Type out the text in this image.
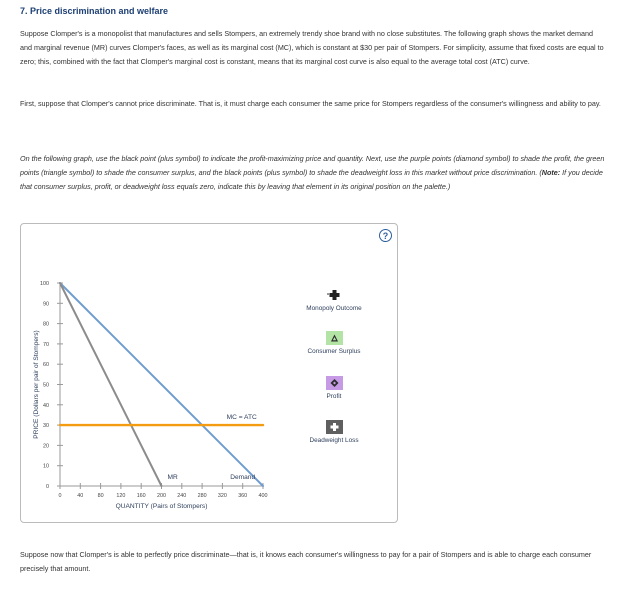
7. Price discrimination and welfare
Suppose Clomper's is a monopolist that manufactures and sells Stompers, an extremely trendy shoe brand with no close substitutes. The following graph shows the market demand and marginal revenue (MR) curves Clomper's faces, as well as its marginal cost (MC), which is constant at $30 per pair of Stompers. For simplicity, assume that fixed costs are equal to zero; this, combined with the fact that Clomper's marginal cost is constant, means that its marginal cost curve is also equal to the average total cost (ATC) curve.
First, suppose that Clomper's cannot price discriminate. That is, it must charge each consumer the same price for Stompers regardless of the consumer's willingness and ability to pay.
On the following graph, use the black point (plus symbol) to indicate the profit-maximizing price and quantity. Next, use the purple points (diamond symbol) to shade the profit, the green points (triangle symbol) to shade the consumer surplus, and the black points (plus symbol) to shade the deadweight loss in this market without price discrimination. (Note: If you decide that consumer surplus, profit, or deadweight loss equals zero, indicate this by leaving that element in its original position on the palette.)
?
0
10
20
30
40
50
60
70
80
90
100
0	40	80 120 160 200 240 280 320 360 400
Demand
MR
MC = ATC
QUANTITY (Pairs of Stompers)
PRICE (Dollars per pair of Stompers)
Monopoly Outcome
Consumer Surplus
Profit
Deadweight Loss
Suppose now that Clomper's is able to perfectly price discriminate—that is, it knows each consumer's willingness to pay for a pair of Stompers and is able to charge each consumer precisely that amount.
